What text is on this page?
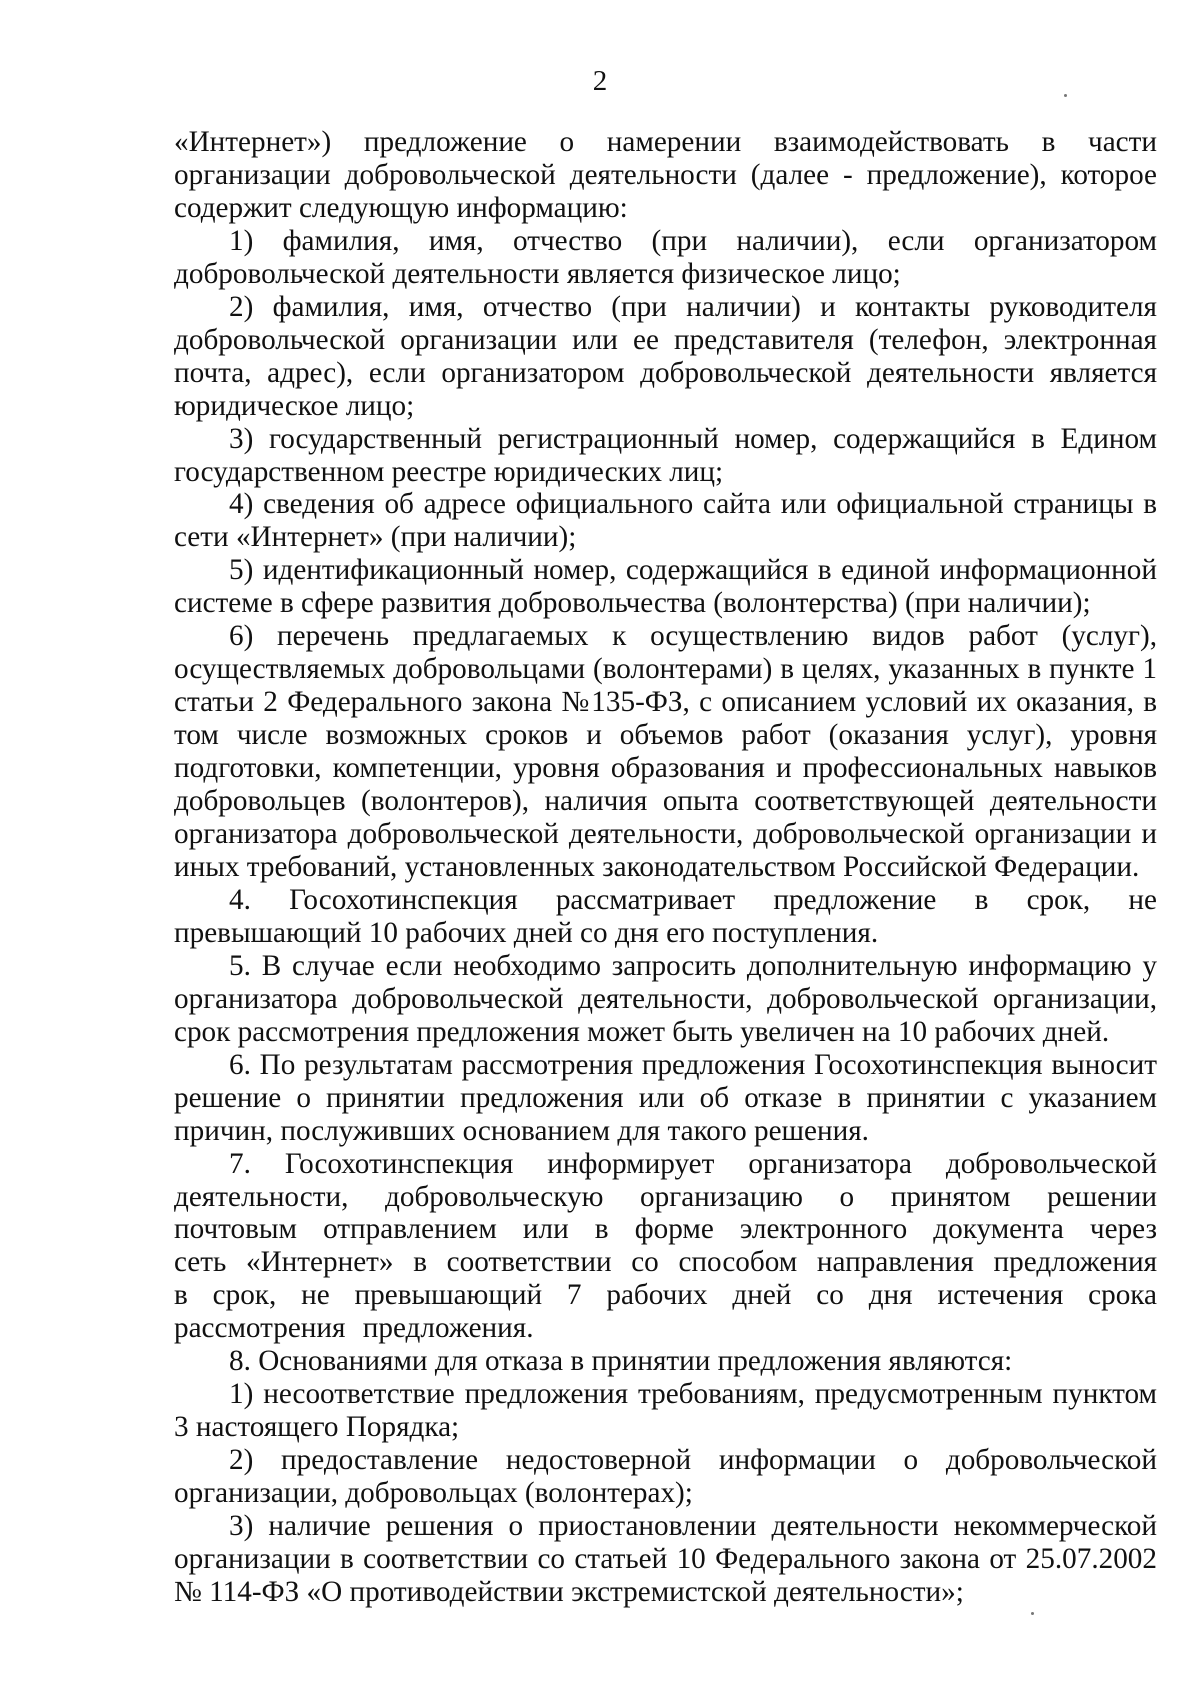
2

«Интернет») предложение о намерении взаимодействовать в части организации добровольческой деятельности (далее - предложение), которое содержит следующую информацию:

1) фамилия, имя, отчество (при наличии), если организатором добровольческой деятельности является физическое лицо;

2) фамилия, имя, отчество (при наличии) и контакты руководителя добровольческой организации или ее представителя (телефон, электронная почта, адрес), если организатором добровольческой деятельности является юридическое лицо;

3) государственный регистрационный номер, содержащийся в Едином государственном реестре юридических лиц;

4) сведения об адресе официального сайта или официальной страницы в сети «Интернет» (при наличии);

5) идентификационный номер, содержащийся в единой информационной системе в сфере развития добровольчества (волонтерства) (при наличии);

6) перечень предлагаемых к осуществлению видов работ (услуг), осуществляемых добровольцами (волонтерами) в целях, указанных в пункте 1 статьи 2 Федерального закона №135-ФЗ, с описанием условий их оказания, в том числе возможных сроков и объемов работ (оказания услуг), уровня подготовки, компетенции, уровня образования и профессиональных навыков добровольцев (волонтеров), наличия опыта соответствующей деятельности организатора добровольческой деятельности, добровольческой организации и иных требований, установленных законодательством Российской Федерации.

4. Госохотинспекция рассматривает предложение в срок, не превышающий 10 рабочих дней со дня его поступления.

5. В случае если необходимо запросить дополнительную информацию у организатора добровольческой деятельности, добровольческой организации, срок рассмотрения предложения может быть увеличен на 10 рабочих дней.

6. По результатам рассмотрения предложения Госохотинспекция выносит решение о принятии предложения или об отказе в принятии с указанием причин, послуживших основанием для такого решения.

7. Госохотинспекция информирует организатора добровольческой деятельности, добровольческую организацию о принятом решении почтовым отправлением или в форме электронного документа через сеть «Интернет» в соответствии со способом направления предложения в срок, не превышающий 7 рабочих дней со дня истечения срока рассмотрения предложения.

8. Основаниями для отказа в принятии предложения являются:

1) несоответствие предложения требованиям, предусмотренным пунктом 3 настоящего Порядка;

2) предоставление недостоверной информации о добровольческой организации, добровольцах (волонтерах);

3) наличие решения о приостановлении деятельности некоммерческой организации в соответствии со статьей 10 Федерального закона от 25.07.2002 № 114-ФЗ «О противодействии экстремистской деятельности»;
